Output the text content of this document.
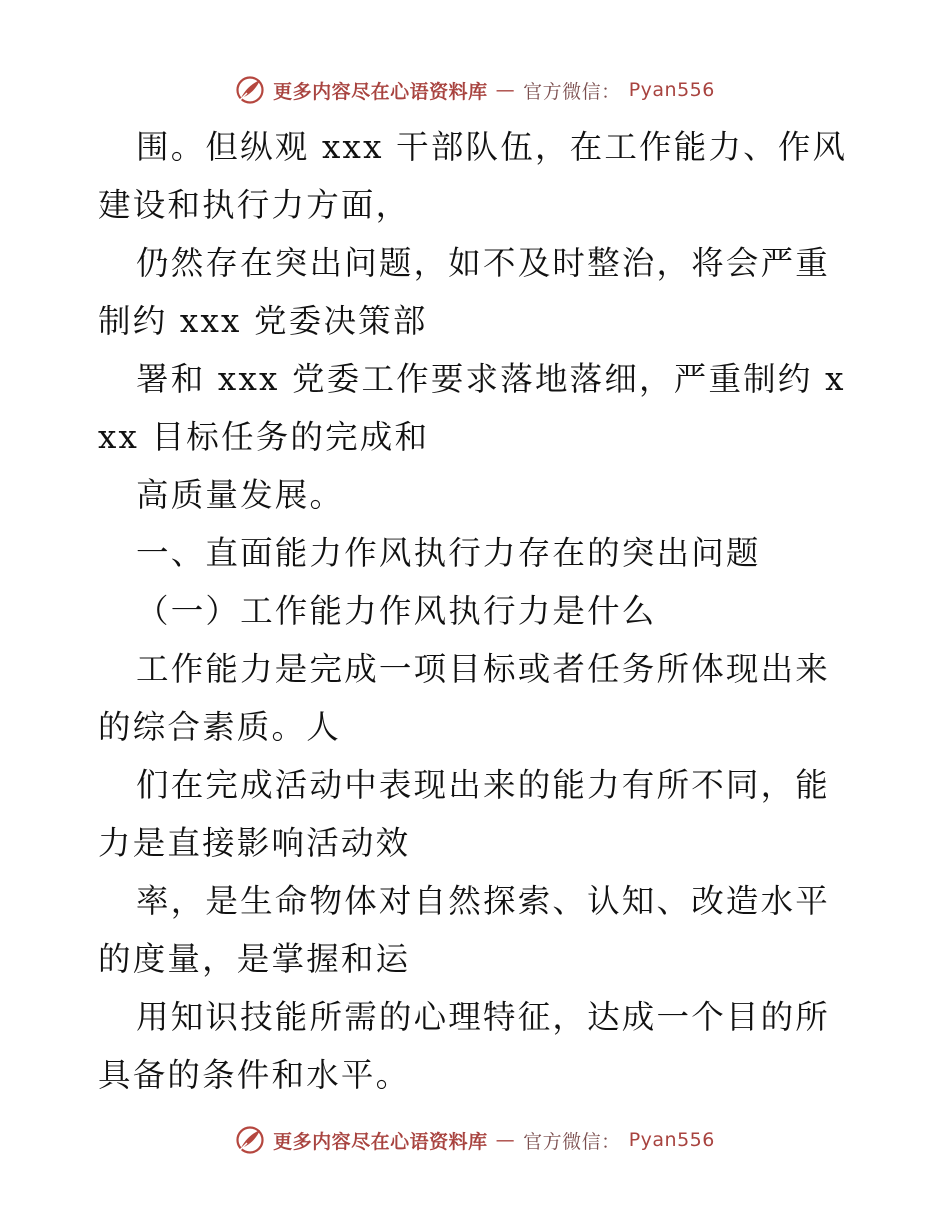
更多内容尽在心语资料库 — 官方微信： Pyan556

围。但纵观 xxx 干部队伍，在工作能力、作风建设和执行力方面，

仍然存在突出问题，如不及时整治，将会严重制约 xxx 党委决策部

署和 xxx 党委工作要求落地落细，严重制约 xxx 目标任务的完成和

高质量发展。

一、直面能力作风执行力存在的突出问题

（一）工作能力作风执行力是什么

工作能力是完成一项目标或者任务所体现出来的综合素质。人

们在完成活动中表现出来的能力有所不同，能力是直接影响活动效

率，是生命物体对自然探索、认知、改造水平的度量，是掌握和运

用知识技能所需的心理特征，达成一个目的所具备的条件和水平。

更多内容尽在心语资料库 — 官方微信： Pyan556
